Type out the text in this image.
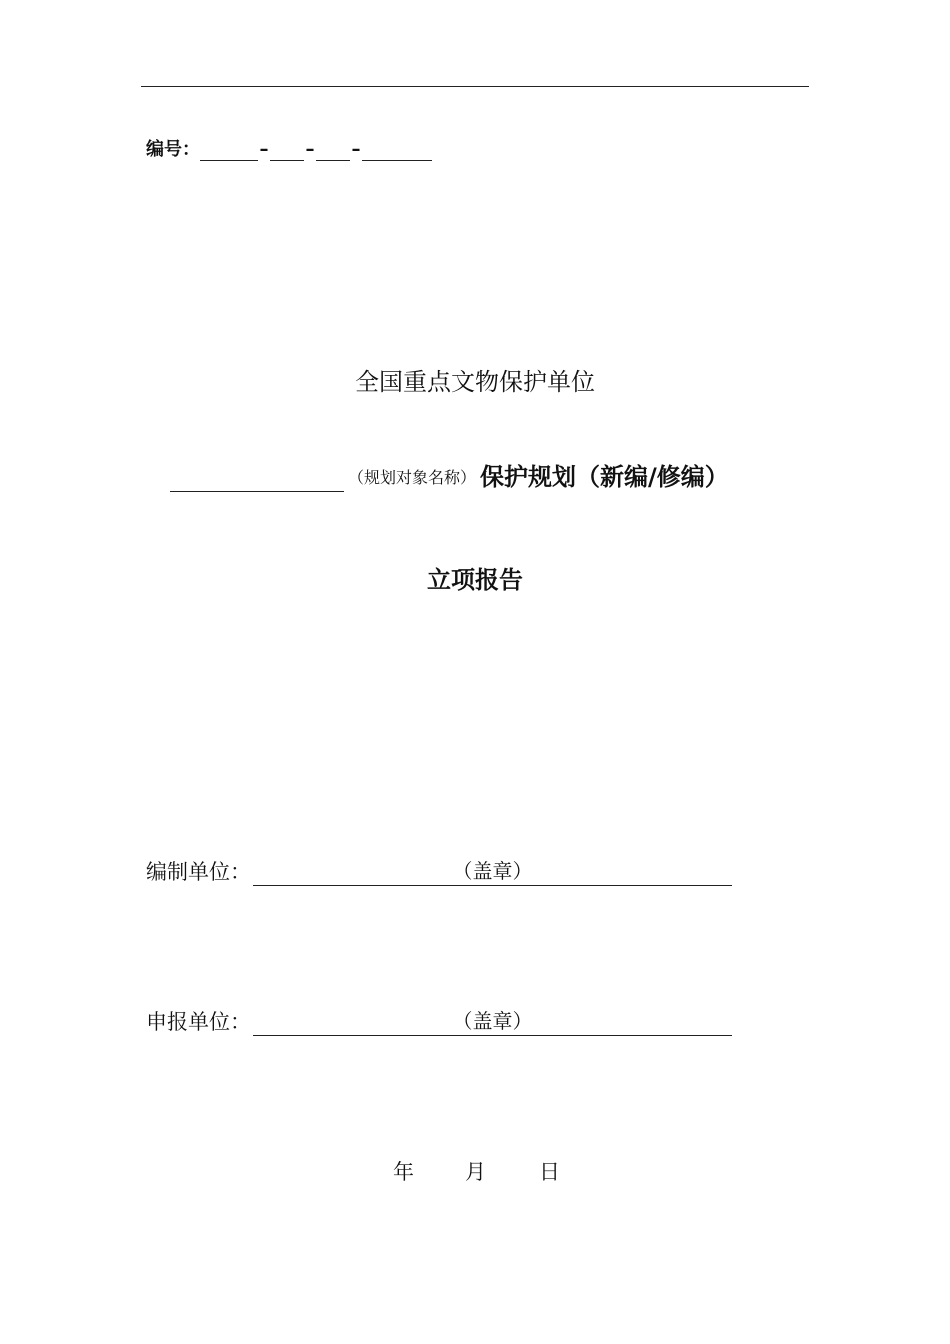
编号：	– – –
全国重点文物保护单位
（规划对象名称） 保护规划（新编/修编）
立项报告
编制单位：	（盖章）
申报单位：	（盖章）
年 月	日
